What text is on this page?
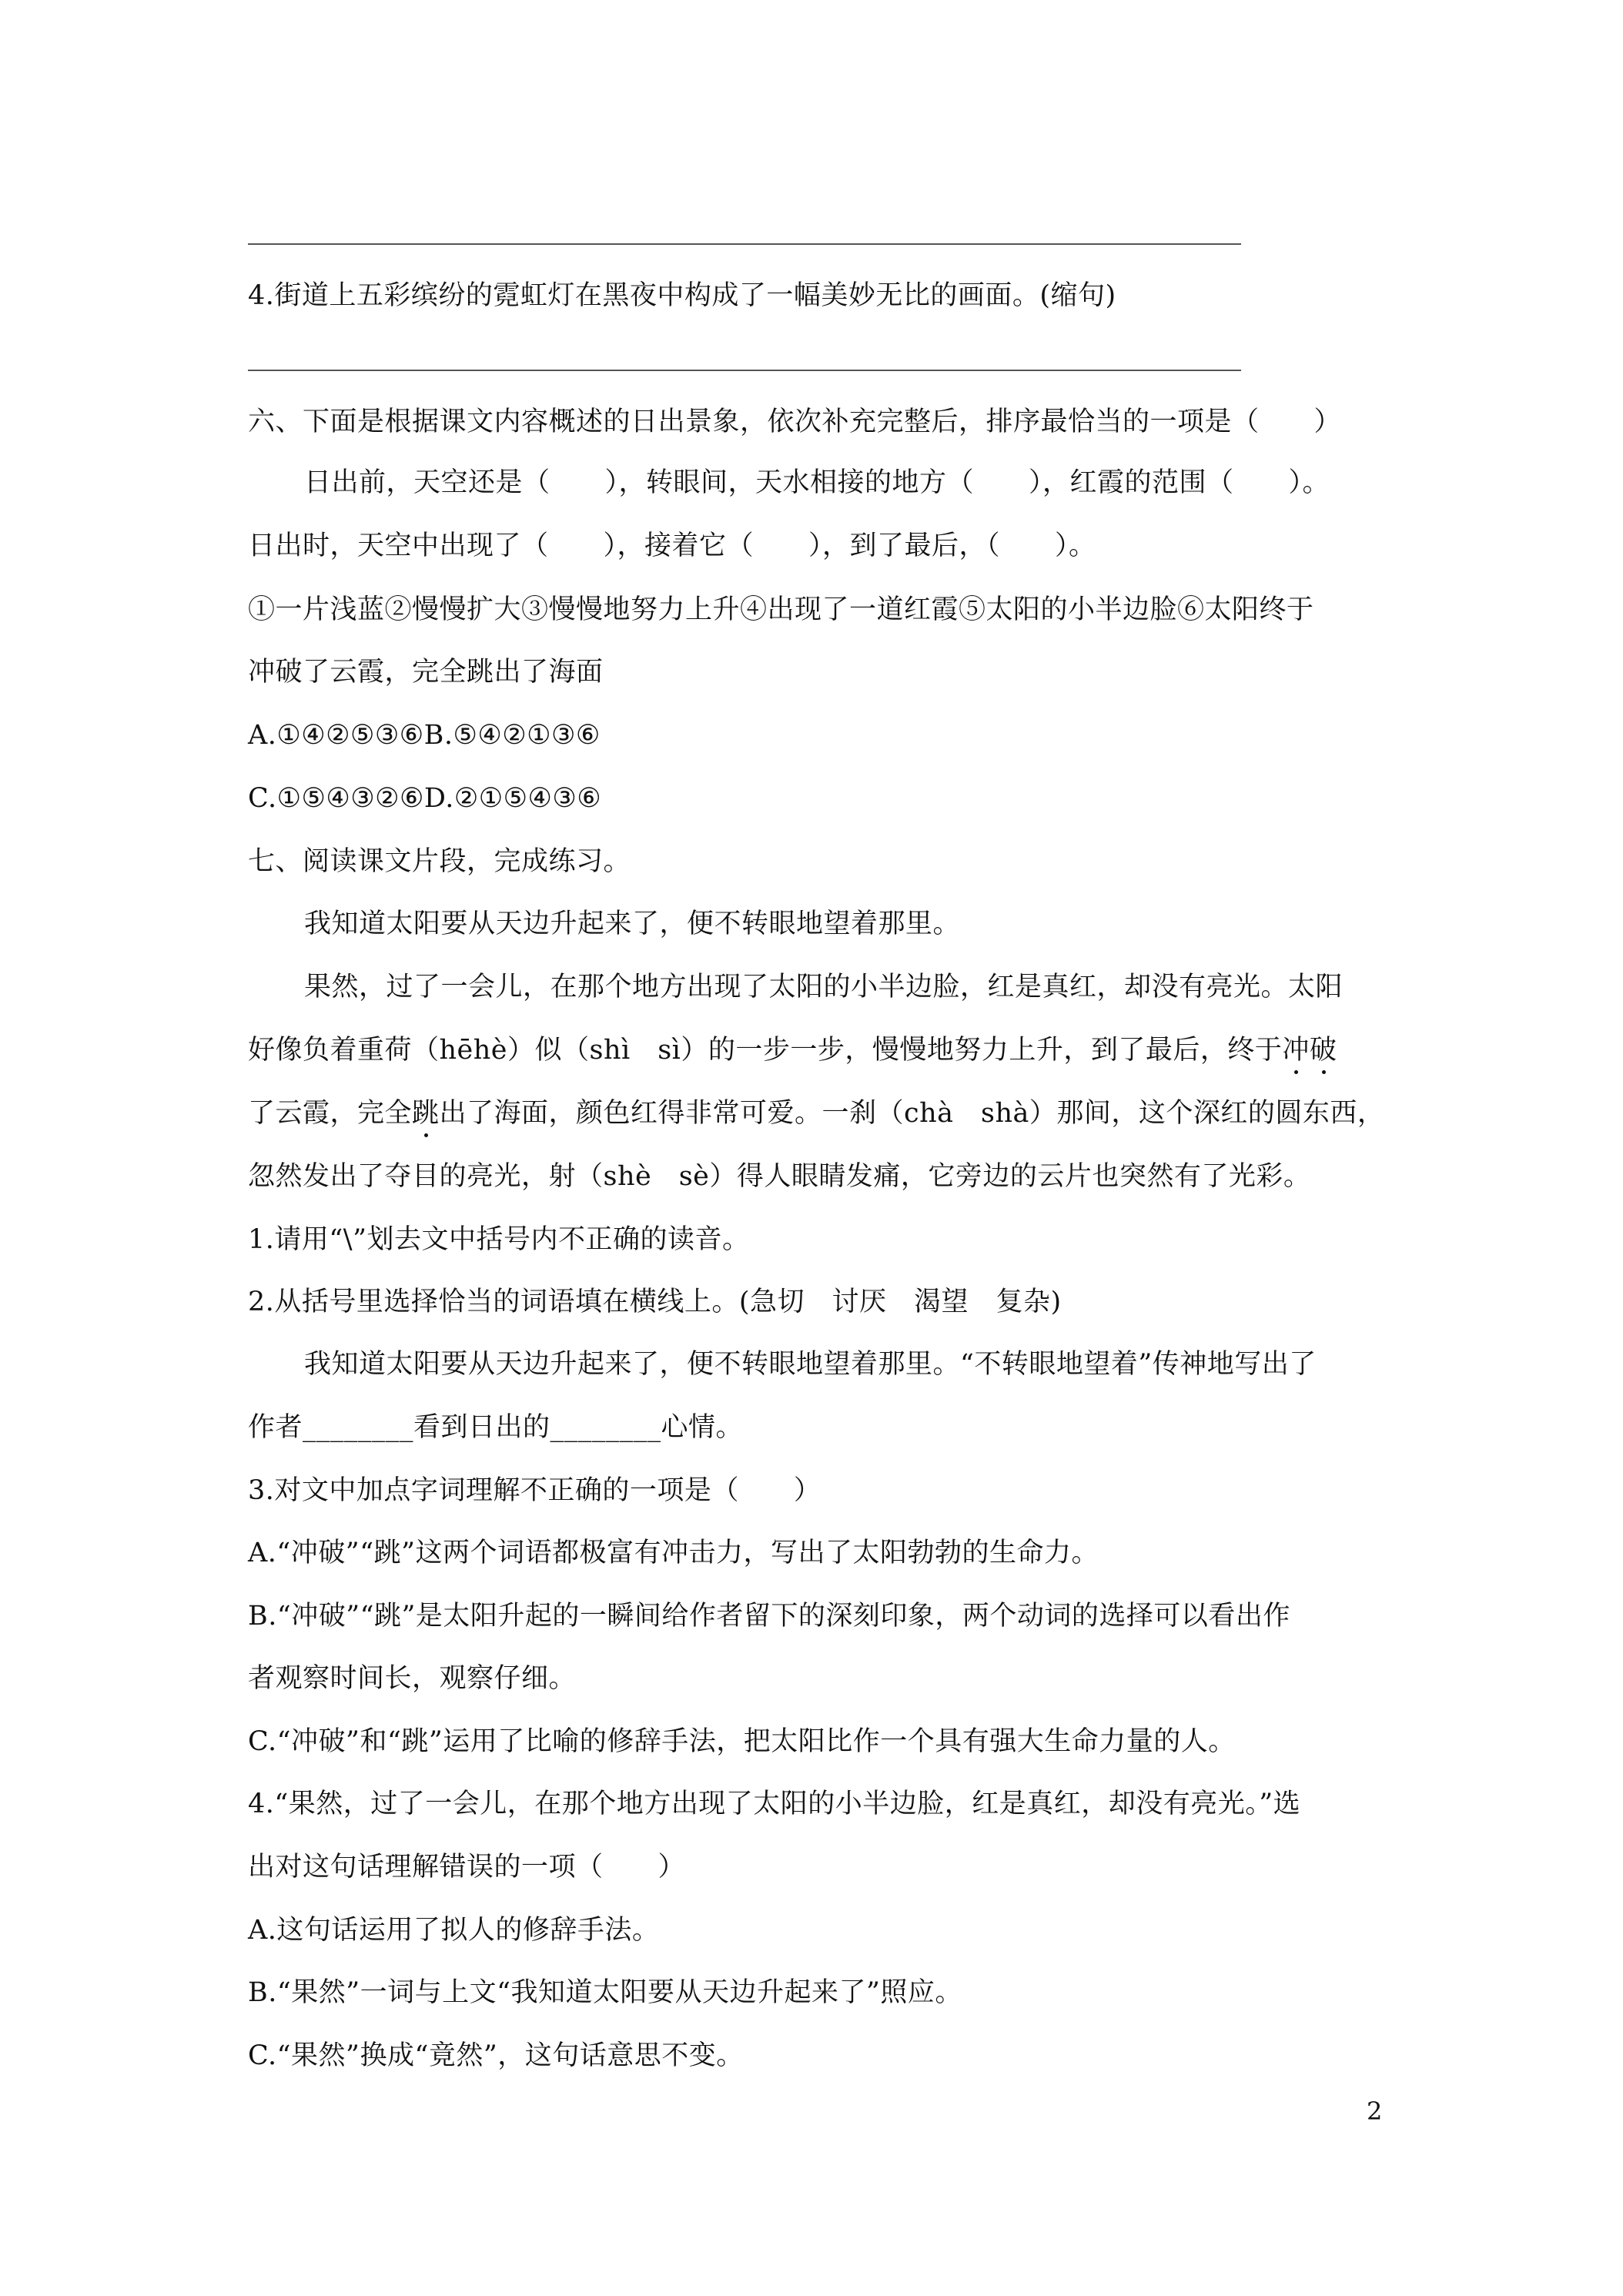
4.街道上五彩缤纷的霓虹灯在黑夜中构成了一幅美妙无比的画面。(缩句)
六、下面是根据课文内容概述的日出景象，依次补充完整后，排序最恰当的一项是（　　）
日出前，天空还是（　　），转眼间，天水相接的地方（　　），红霞的范围（　　）。
日出时，天空中出现了（　　），接着它（　　），到了最后，（　　）。
①一片浅蓝②慢慢扩大③慢慢地努力上升④出现了一道红霞⑤太阳的小半边脸⑥太阳终于
冲破了云霞，完全跳出了海面
A.①④②⑤③⑥B.⑤④②①③⑥
C.①⑤④③②⑥D.②①⑤④③⑥
七、阅读课文片段，完成练习。
我知道太阳要从天边升起来了，便不转眼地望着那里。
果然，过了一会儿，在那个地方出现了太阳的小半边脸，红是真红，却没有亮光。太阳
好像负着重荷（hēhè）似（shì　sì）的一步一步，慢慢地努力上升，到了最后，终于冲破
了云霞，完全跳出了海面，颜色红得非常可爱。一刹（chà　shà）那间，这个深红的圆东西，
忽然发出了夺目的亮光，射（shè　sè）得人眼睛发痛，它旁边的云片也突然有了光彩。
1.请用“\”划去文中括号内不正确的读音。
2.从括号里选择恰当的词语填在横线上。(急切　讨厌　渴望　复杂)
我知道太阳要从天边升起来了，便不转眼地望着那里。“不转眼地望着”传神地写出了
作者________看到日出的________心情。
3.对文中加点字词理解不正确的一项是（　　）
A.“冲破”“跳”这两个词语都极富有冲击力，写出了太阳勃勃的生命力。
B.“冲破”“跳”是太阳升起的一瞬间给作者留下的深刻印象，两个动词的选择可以看出作
者观察时间长，观察仔细。
C.“冲破”和“跳”运用了比喻的修辞手法，把太阳比作一个具有强大生命力量的人。
4.“果然，过了一会儿，在那个地方出现了太阳的小半边脸，红是真红，却没有亮光。”选
出对这句话理解错误的一项（　　）
A.这句话运用了拟人的修辞手法。
B.“果然”一词与上文“我知道太阳要从天边升起来了”照应。
C.“果然”换成“竟然”，这句话意思不变。
2
